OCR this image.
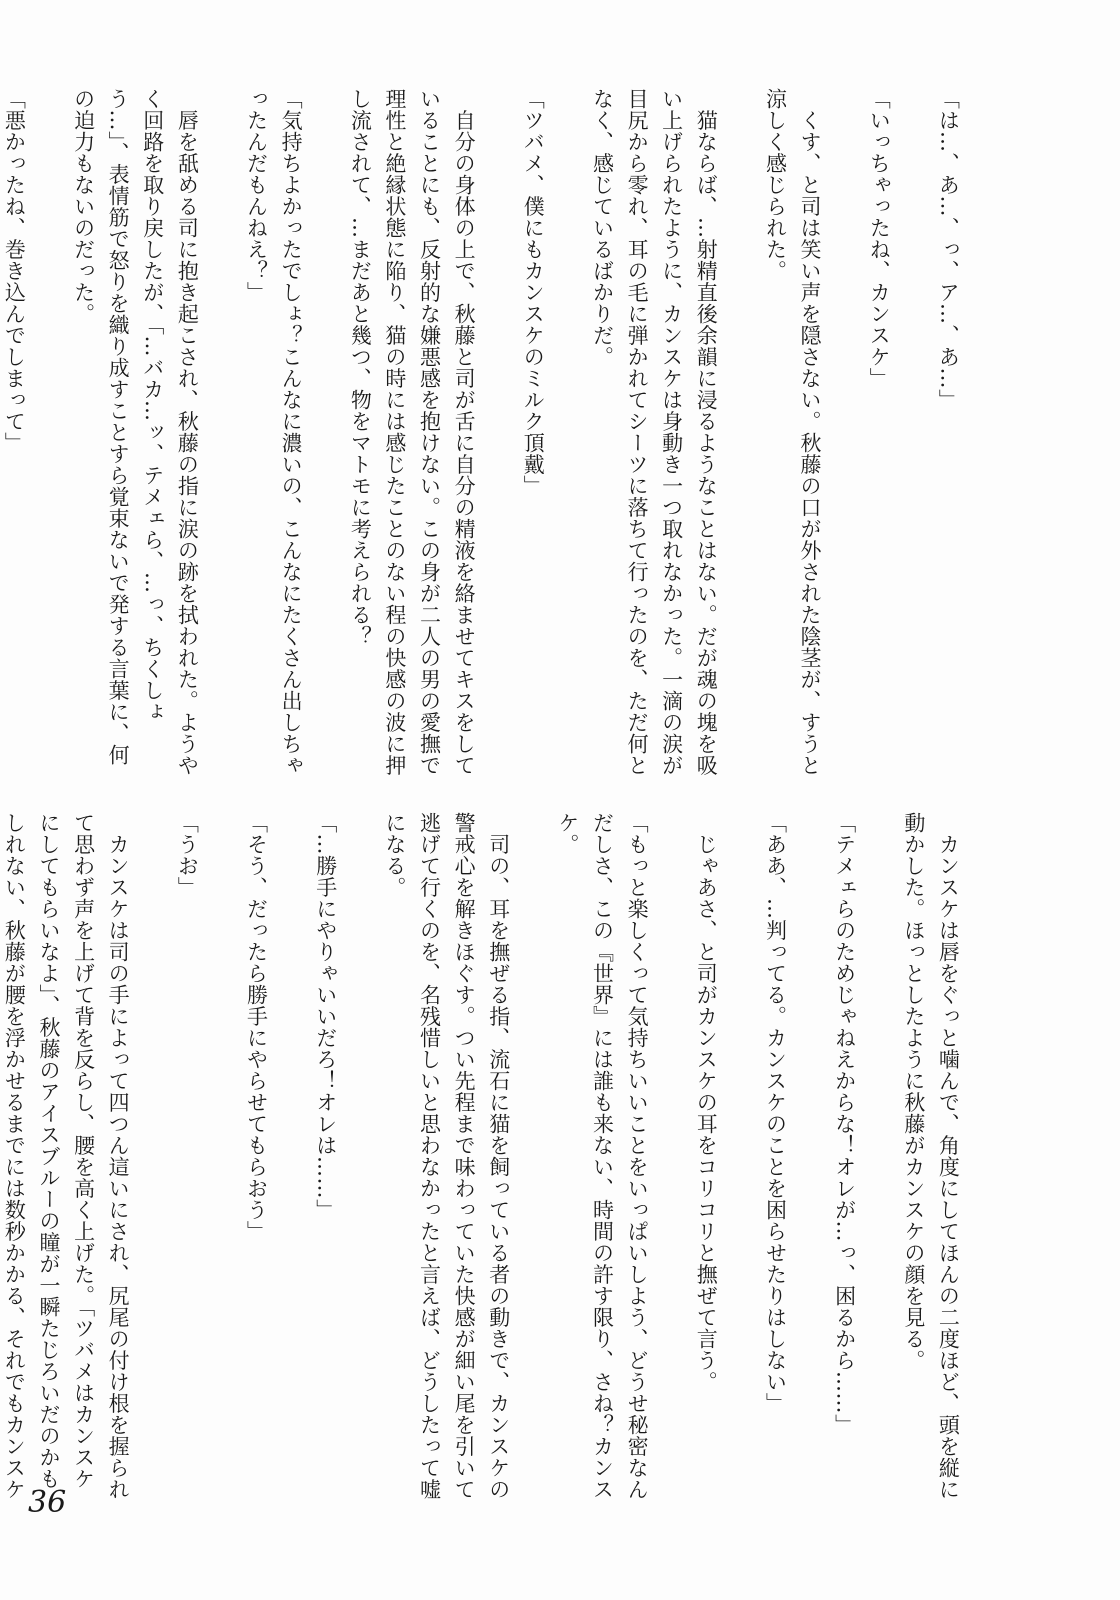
「は…、あ…、っ、ア…、あ…」

「いっちゃったね、カンスケ」

　くす、と司は笑い声を隠さない。秋藤の口が外された陰茎が、すうと涼しく感じられた。

　猫ならば、…射精直後余韻に浸るようなことはない。だが魂の塊を吸い上げられたように、カンスケは身動き一つ取れなかった。一滴の涙が目尻から零れ、耳の毛に弾かれてシーツに落ちて行ったのを、ただ何となく、感じているばかりだ。

「ツバメ、僕にもカンスケのミルク頂戴」

　自分の身体の上で、秋藤と司が舌に自分の精液を絡ませてキスをしていることにも、反射的な嫌悪感を抱けない。この身が二人の男の愛撫で理性と絶縁状態に陥り、猫の時には感じたことのない程の快感の波に押し流されて、…まだあと幾つ、物をマトモに考えられる？

「気持ちよかったでしょ？こんなに濃いの、こんなにたくさん出しちゃったんだもんねえ？」

　唇を舐める司に抱き起こされ、秋藤の指に涙の跡を拭われた。ようやく回路を取り戻したが、「…バカ…ッ、テメェら、…っ、ちくしょう…」、表情筋で怒りを織り成すことすら覚束ないで発する言葉に、何の迫力もないのだった。

「悪かったね、巻き込んでしまって」

　カンスケは唇をぐっと噛んで、角度にしてほんの二度ほど、頭を縦に動かした。ほっとしたように秋藤がカンスケの顔を見る。

「テメェらのためじゃねえからな！オレが…っ、困るから……」

「ああ、…判ってる。カンスケのことを困らせたりはしない」

　じゃあさ、と司がカンスケの耳をコリコリと撫ぜて言う。

「もっと楽しくって気持ちいいことをいっぱいしよう、どうせ秘密なんだしさ、この『世界』には誰も来ない、時間の許す限り、さね？カンスケ。

　司の、耳を撫ぜる指、流石に猫を飼っている者の動きで、カンスケの警戒心を解きほぐす。つい先程まで味わっていた快感が細い尾を引いて逃げて行くのを、名残惜しいと思わなかったと言えば、どうしたって嘘になる。

「…勝手にやりゃいいだろ！オレは……」

「そう、だったら勝手にやらせてもらおう」

「うお」

　カンスケは司の手によって四つん這いにされ、尻尾の付け根を握られて思わず声を上げて背を反らし、腰を高く上げた。「ツバメはカンスケにしてもらいなよ」、秋藤のアイスブルーの瞳が一瞬たじろいだのかもしれない、秋藤が腰を浮かせるまでには数秒かかる、それでもカンスケ 36
